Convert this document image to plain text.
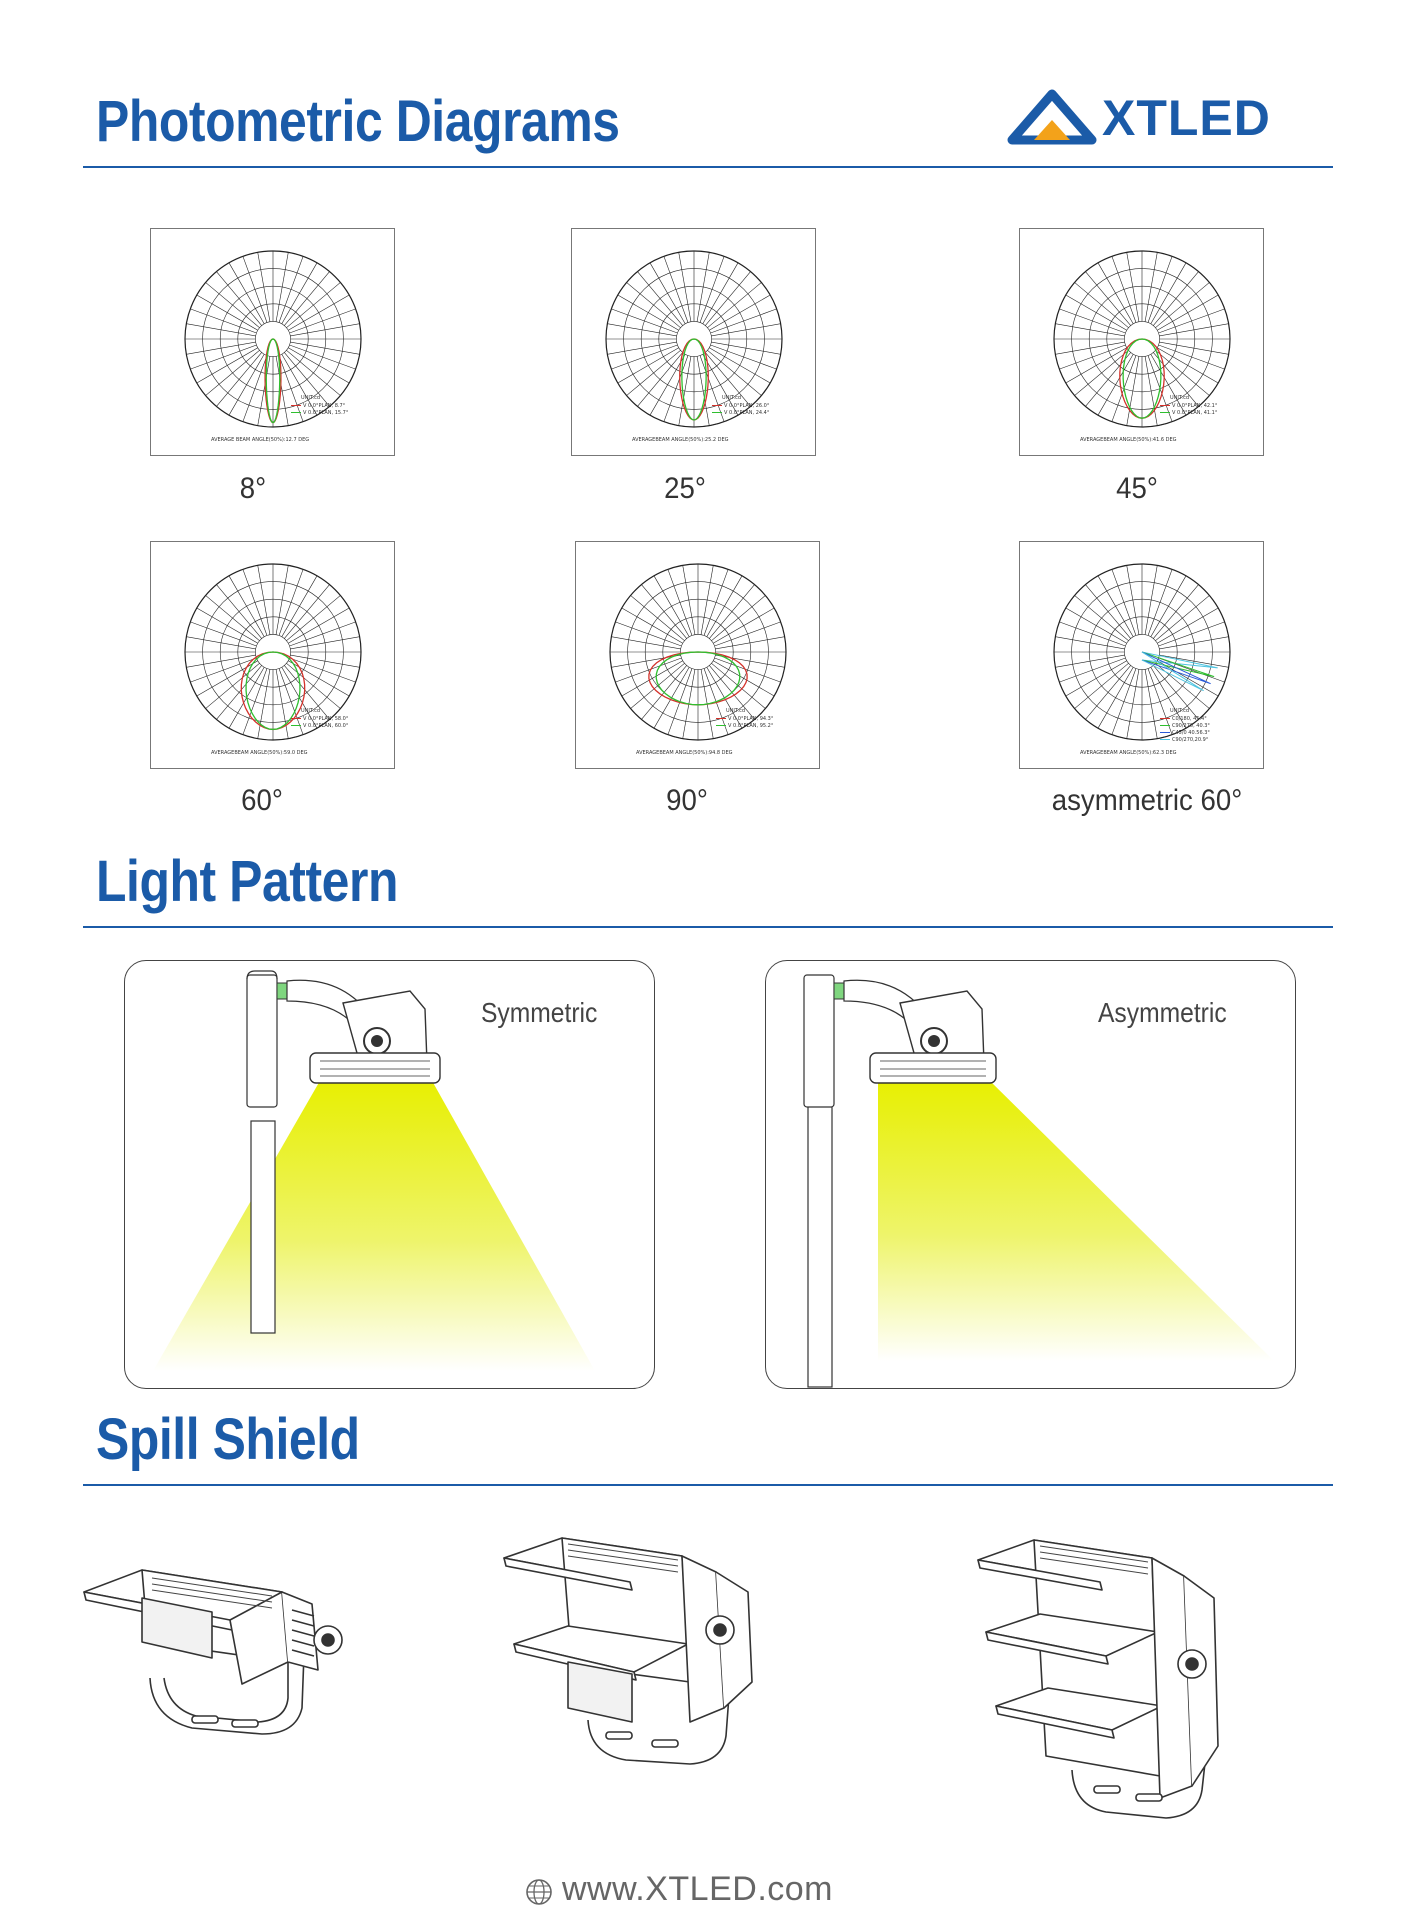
Photometric Diagrams	XTLED
UNIT:cd
V 0.0°PLAN, 8.7°
V 0.0°PLAN, 15.7°
AVERAGE BEAM ANGLE(50%):12.7 DEG
UNIT:cd
V 0.0°PLAN, 26.0°
V 0.0°PLAN, 24.4°
AVERAGEBEAM ANGLE(50%):25.2 DEG
UNIT:cd
V 0.0°PLAN, 42.1°
V 0.0°PLAN, 41.1°
AVERAGEBEAM ANGLE(50%):41.6 DEG
UNIT:cd
V 0.0°PLAN, 58.0°
V 0.0°PLAN, 60.0°
AVERAGEBEAM ANGLE(50%):59.0 DEG
UNIT:cd
V 0.0°PLAN, 94.3°
V 0.0°PLAN, 95.2°
AVERAGEBEAM ANGLE(50%):94.8 DEG
UNIT:cd
C0/180, 45.4°
C90/270, 40.3°
C45/0 40.56.3°
C90/270,20.9°
AVERAGEBEAM ANGLE(50%):62.3 DEG
8°	25°	45°
60°	90°	asymmetric 60°
Light Pattern
Symmetric	Asymmetric
Spill Shield
www.XTLED.com
